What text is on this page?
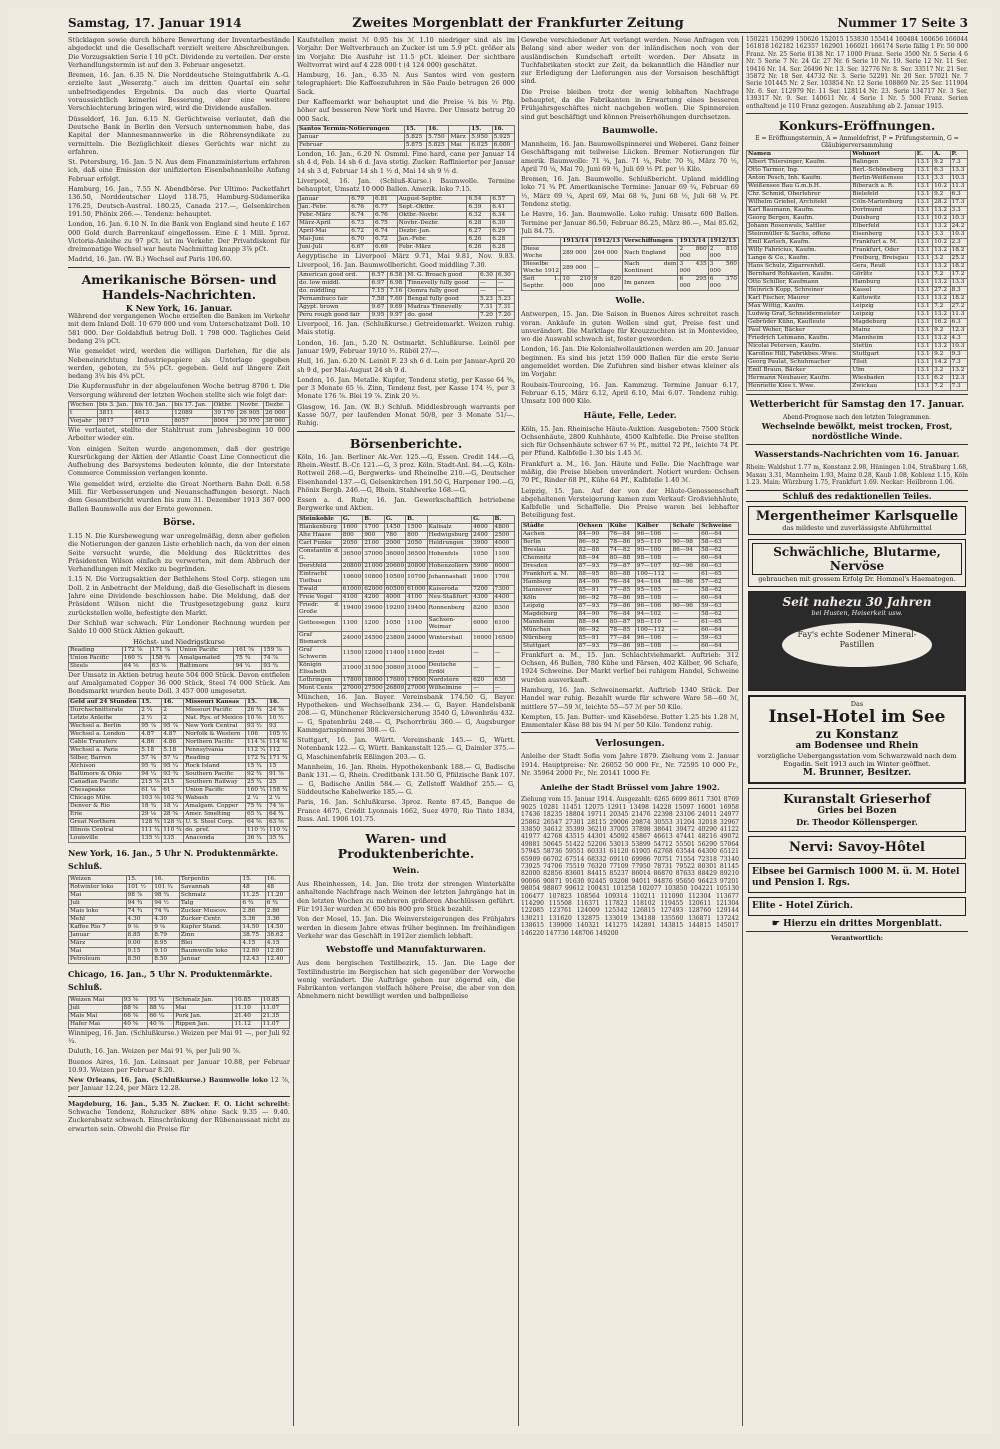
Samstag, 17. Januar 1914	Zweites Morgenblatt der Frankfurter Zeitung	Nummer 17 Seite 3

Stücklagen sowie durch höhere Bewertung der Inventarbestände abgedeckt und die Gesellschaft verzielt weitere Abschreibungen. Die Vorzugsaktien Serie I 10 pCt. Dividende zu verteilen. Der erste Verhandlungstermin ist auf den 3. Februar angesetzt.

Bremen, 16. Jan. 6.35 N. Die Norddeutsche Steingutfabrik A.-G. erzielte laut „Weserztg.“ auch im dritten Quartal ein sehr unbefriedigendes Ergebnis. Da auch das vierte Quartal voraussichtlich keinerlei Besserung, eher eine weitere Verschlechterung bringen wird, wird die Dividende ausfallen.

Düsseldorf, 16. Jan. 6.15 N. Gerüchtweise verlautet, daß die Deutsche Bank in Berlin den Versuch unternommen habe, das Kapital der Mannesmannwerke in die Röhrensyndikate zu vermitteln. Die Bezüglichkeit dieses Gerüchts war nicht zu erfahren.

St. Petersburg, 16. Jan. 5 N. Aus dem Finanzministerium erfahren ich, daß eine Emission der unifizierten Eisenbahnanleihe Anfang Februar erfolgt.

Hamburg, 16. Jan., 7.55 N. Abendbörse. Per Ultimo: Packetfahrt 136.50, Norddeutscher Lloyd 118.75, Hamburg-Südamerika 176.25, Deutsch-Austral. 180.25, Canada 217.—, Gelsenkirchen 191.50, Phönix 266.—. Tendenz: behauptet.

London, 16. Jan. 6.10 N. In die Bank von England sind heute £ 167 000 Gold durch Barrenkauf eingeflossen. Eine £ 1 Mill. 5proz. Victoria-Anleihe zu 97 pCt. ist im Verkehr. Der Privatdiskont für dreimonatige Wechsel war heute Nachmittag knapp 3⅞ pCt.

Madrid, 16. Jan. (W. B.) Wechsel auf Paris 106.60.

Amerikanische Börsen- und Handels-Nachrichten.
K New York, 16. Januar.

Während der vergangenen Woche erzielten die Banken im Verkehr mit dem Inland Doll. 10 679 000 und vom Unterschatzamt Doll. 10 581 000. Der Goldabfluß betrug Doll. 1 798 000. Tagliches Geld bedang 2¼ pCt.

Wie gemeldet wird, werden die willigen Darlehen, für die als Nebeneinrichtung Industriepapiere als Unterlage gegeben werden, geboten, zu 5¼ pCt. gegeben. Geld auf längere Zeit bedang 3¼ bis 4¼ pCt.

Die Kupferausfuhr in der abgelaufenen Woche betrug 8706 t. Die Versorgung während der letzten Wochen stellte sich wie folgt dar:

Wochen	bis 3. Jan.	bis 10. Jan.	bis 17. Jan.	Oktbr.	Novbr.	Dezbr.
t	3811	4613	12089	39 170	26 905	26 000
Vorjahr	9817	6710	8057	8004	30 970	38 060

Wie verlautet, stellte der Stahltrust zum Jahresbeginn 10 000 Arbeiter wieder ein.

Von einigen Seiten wurde angenommen, daß der gestrige Kursrückgang der Aktien der Atlantic Coast Line Connecticut die Aufhebung des Barsystems bedeuten könnte, die der Interstate Commerce Commission verlangen konnte.

Wie gemeldet wird, erzielte die Great Northern Bahn Doll. 6.58 Mill. für Verbesserungen und Neuanschaffungen besorgt. Nach dem Gesamtbericht wurden bis zum 31. Dezember 1913 367 000 Ballen Baumwolle aus der Ernte gewonnen.

Börse.

1.15 N. Die Kursbewegung war unregelmäßig, denn aber gefielen die Notierungen der ganzen Liste erheblich nach, da von der einen Seite versucht wurde, die Meldung des Rücktrittes des Präsidenten Wilson einfach zu verwerten, mit dem Abbruch der Verhandlungen mit Mexiko zu begründen.

1.15 N. Die Vorzugsaktien der Bethlehem Steel Corp. stiegen um Doll. 2 in Anbetracht der Meldung, daß die Gesellschaft in diesem Jahre eine Dividende beschlossen habe. Die Meldung, daß der Präsident Wilson nicht die Trustgesetzgebung ganz kurz zurückstellen wolle, befestigte den Markt.

Der Schluß war schwach. Für Londoner Rechnung wurden per Saldo 10 000 Stück Aktien gekauft.

Höchst- und Niedrigstkurse
Reading	172 ⅞	171 ⅞	Union Pacific	161 ⅝	159 ⅞
Union Pacific	160 ¼	158 ¾	Amalgamated	75 ¾	74 ⅞
Steels	64 ⅝	63 ⅝	Baltimore	94 ¼	93 ¾

Der Umsatz in Aktien betrug heute 504 000 Stück. Davon entfielen auf Amalgamated Copper 36 000 Stück, Steel 74 000 Stück. Am Bondsmarkt wurden heute Doll. 3 457 000 umgesetzt.

Geld auf 24 Stunden	15.	16.	Missouri Kansas	15.	16.
Durchschnittsrate	2 ¼	2	Missouri Pacific	26 ¾	24 ⅞
Letzte Anleihe	2 ½	2	Nat. Rys. of Mexico	10 ⅝	10 ½
Wechsel a. Berlin	95 ⅞	95 ⅞	New York Central	93 ½	93
Wechsel a. London	4.87	4.87	Norfolk & Western	106	105 ½
Cable Transfers	4.86	4.86	Northern Pacific	114 ⅞	114 ⅜
Wechsel a. Paris	5.18	5.18	Pennsylvania	112 ¼	112
Silber, Barren	57 ⅜	57 ¼	Reading	172 ¾	171 ¾
Atchison	95 ¾	95 ¼	Rock Island	15 ¼	15
Baltimore & Ohio	94 ¼	93 ¾	Southern Pacific	92 ¾	91 ⅞
Canadian Pacific	215 ⅞	215	Southern Railway	25 ¼	25
Chesapeake	61 ⅛	61	Union Pacific	160 ¼	158 ¾
Chicago Milw.	103 ⅜	102 ¾	Wabash	2 ¼	2 ¼
Denver & Rio	18 ¾	18 ¼	Amalgam. Copper	75 ¾	74 ⅞
Erie	29 ⅛	28 ⅝	Amer. Smelting	65 ¼	64 ¾
Great Northern	128 ¾	128 ¼	U. S. Steel Corp.	64 ⅝	63 ⅝
Illinois Central	111 ¼	110 ¾	do. pref.	110 ½	110 ¼
Louisville	135 ½	135	Anaconda	36 ¼	35 ¾
New York, 16. Jan., 5 Uhr N. Produktenmärkte. Schluß.
Weizen	15.	16.	Terpentin	15.	16.
Rotwinter loko	101 ½	101 ¼	Savannah	48	48
Mai	98 ⅞	98 ¾	Schmalz	11.25	11.20
Juli	94 ¾	94 ½	Talg	6 ¾	6 ¾
Mais loko	74 ¾	74 ¾	Zucker Muscov.	2.86	2.86
Mehl	4.30	4.30	Zucker Centr.	3.36	3.36
Kaffee Rio 7	9 ⅛	9 ⅛	Kupfer Stand.	14.50	14.50
Januar	8.85	8.79	Zinn	38.75	38.62
März	9.00	8.95	Blei	4.15	4.15
Mai	9.15	9.10	Baumwolle loko	12.80	12.80
Petroleum	8.50	8.50	Januar	12.43	12.40
Chicago, 16. Jan., 5 Uhr N. Produktenmärkte. Schluß.
Weizen Mai	93 ⅝	93 ¼	Schmalz Jan.	10.85	10.85
Juli	88 ⅝	88 ¼	Mai	11.10	11.07
Mais Mai	66 ⅝	66 ¼	Pork Jan.	21.40	21.35
Hafer Mai	40 ⅝	40 ⅝	Rippen Jan.	11.12	11.07

Winnipeg, 16. Jan. (Schlußkurse.) Weizen per Mai 91 —, per Juli 92 ¼.

Duluth, 16. Jan. Weizen per Mai 91 ⅝, per Juli 90 ⅞.

Buenos Aires, 16. Jan. Leinsaat per Januar 10.88, per Februar 10.93. Weizen per Februar 8.20.

New Orleans, 16. Jan. (Schlußkurse.) Baumwolle loko 12 ⅞, per Januar 12.24, per März 12.28.

Magdeburg, 16. Jan., 5.35 N. Zucker. F. O. Licht schreibt: Schwache Tendenz, Rohzucker 88% ohne Sack 9.35 — 9.40. Zuckerabsatz schwach. Einschränkung der Rübenaussaat nicht zu erwarten sein. Obwohl die Preise für

Kaufstellen meist ℳ 0.95 bis ℳ 1.10 niedriger sind als im Vorjahr. Der Weltverbrauch an Zucker ist um 5.9 pCt. größer als im Vorjahr. Die Ausfuhr ist 11.5 pCt. kleiner. Der sichtbare Weltvorrat wird auf 4 228 000 t (4 124 000) geschätzt.

Hamburg, 16. Jan., 6.35 N. Aus Santos wird von gestern telegraphiert: Die Kaffeezufuhren in São Paulo betrugen 26 000 Sack.

Der Kaffeemarkt war behauptet und die Preise ¼ bis ½ Pfg. höher auf besseren New York und Havre. Der Umsatz betrug 20 000 Sack.

Santos Termin-Notierungen	15.	16.		15.	16.
Januar	5.825	5.750	März	5.950	5.925
Februar	5.875	5.825	Mai	6.025	6.000

London, 16. Jan., 6.20 N. Osmml. Fine hard, cane per Januar 14 sh 4 d, Feb. 14 sh 6 d. Java stetig. Zucker. Raffinierter per Januar 14 sh 3 d, Februar 14 sh 1 ½ d, Mai 14 sh 9 ½ d.

Liverpool, 16. Jan. (Schluß-Kurse.) Baumwolle. Termine behauptet, Umsatz 10 000 Ballen. Amerik. loko 7.15.

Januar	6.79	6.81	August-Septbr.	6.54	6.57
Jan.-Febr.	6.76	6.77	Sept.-Oktbr.	6.39	6.41
Febr.-März	6.74	6.76	Oktbr.-Novbr.	6.32	6.34
März-April	6.73	6.75	Novbr.-Dezbr.	6.28	6.30
April-Mai	6.72	6.74	Dezbr.-Jan.	6.27	6.29
Mai-Juni	6.70	6.72	Jan.-Febr.	6.26	6.28
Juni-Juli	6.67	6.69	Febr.-März	6.26	6.28

Aegyptische in Liverpool März 9.71, Mai 9.81, Nov. 9.83. Liverpool, 16. Jan. Baumwollbericht. Good middling 7.30.

American good ord.	6.57	6.58	M. G. Broach good	6.30	6.30
do. low middl.	6.97	6.98	Tinnevelly fully good	—	—
do. middling	7.15	7.16	Oomra fully good	—	—
Pernambuco fair	7.58	7.60	Bengal fully good	5.23	5.23
Ägypt. brown	9.67	9.69	Madras Tinnevelly	7.31	7.31
Peru rough good fair	9.95	9.97	do. good	7.20	7.20

Liverpool, 16. Jan. (Schlußkurse.) Getreidemarkt. Weizen ruhig. Mais stetig.

London, 16. Jan., 5.20 N. Ostmarkt. Schlußkurse. Leinöl per Januar 19/9, Februar 19/10 ½. Rüböl 27/—.

Hull, 16. Jan. 6.20 N. Leinöl F. 23 sh 6 d. Lein per Januar-April 20 sh 9 d, per Mai-August 24 sh 9 d.

London, 16. Jan. Metalle. Kupfer, Tendenz stetig, per Kasse 64 ⅝, per 3 Monate 65 ⅛. Zinn, Tendenz fest, per Kasse 174 ½, per 3 Monate 176 ⅞. Blei 19 ⅞. Zink 20 ½.

Glasgow, 16. Jan. (W. B.) Schluß. Middlesbrough warrants per Kasse 50/7, per laufenden Monat 50/8, per 3 Monate 51/—. Ruhig.

Börsenberichte.

Köln, 16. Jan. Berliner Ak.-Ver. 125.—G, Essen. Credit 144.—G, Rhein.-Westf. B.-Cr. 121.—G, 3 proz. Köln. Stadt-Anl. 84.—G, Köln-Rottweil 268.—G, Bergwerks- und Rheinelbe 210.—G, Deutscher Eisenhandel 137.—G, Gelsenkirchen 191.50 G, Harpener 190.—G, Phönix Bergb. 246.—G, Rhein. Stahlwerke 168.—G.

Essen a. d. Ruhr, 16. Jan. Gewerkschaftlich betriebene Bergwerke und Aktien.

Steinkohle	G.	B.	G.	B.		G.	B.
Blankenburg	1600	1700	1450	1500	Kalisalz	4600	4800
Alte Haase	800	900	780	800	Hedwigsburg	2400	2500
Carl Funke	2050	2100	2000	2050	Heldrungen	3900	4000
Constantin d. G.	36500	37000	36000	36500	Hohenfels	1050	1100
Dorstfeld	20800	21000	20600	20800	Hohenzollern	5900	6000
Eintracht Tiefbau	10600	10800	10500	10700	Johannashall	1600	1700
Ewald	61000	62000	60500	61000	Kaiseroda	7200	7300
Freie Vogel	4100	4200	4000	4100	Neu-Staßfurt	4300	4400
Friedr. d. Große	19400	19600	19200	19400	Ronnenberg	8200	8300
Gottessegen	1100	1200	1050	1100	Sachsen-Weimar	6000	6100
Graf Bismarck	24000	24500	23800	24000	Wintershall	16000	16500
Graf Schwerin	11500	12000	11400	11600	Erdöl	—	—
Königin Elisabeth	31000	31500	30800	31000	Deutsche Erdöl	—	—
Lothringen	17800	18000	17600	17800	Nordstern	620	630
Mont Cenis	27000	27500	26800	27000	Wilhelmine	—	—

München, 16. Jan. Bayer. Vereinsbank 174.50 G, Bayer. Hypotheken- und Wechselbank 234.— G, Bayer. Handelsbank 208.— G, Münchener Rückversicherung 3540 G, Löwenbräu 432.— G, Spatenbräu 248.— G, Pschorrbräu 360.— G, Augsburger Kammgarnspinnerei 308.— G.

Stuttgart, 16. Jan. Württ. Vereinsbank 145.— G, Württ. Notenbank 122.— G, Württ. Bankanstalt 125.— G, Daimler 375.— G, Maschinenfabrik Eßlingen 203.— G.

Mannheim, 16. Jan. Rhein. Hypothekenbank 188.— G, Badische Bank 131.— G, Rhein. Creditbank 131.50 G, Pfälzische Bank 107.— G, Badische Anilin 584.— G, Zellstoff Waldhof 255.— G, Süddeutsche Kabelwerke 185.— G.

Paris, 16. Jan. Schlußkurse. 3proz. Rente 87.45, Banque de France 4675, Crédit Lyonnais 1662, Suez 4970, Rio Tinto 1834, Russ. Anl. 1906 101.75.

Waren- und Produktenberichte.
Wein.

Aus Rheinhessen, 14. Jan. Die trotz der strengen Winterkälte anhaltende Nachfrage nach Weinen der letzten Jahrgänge hat in den letzten Wochen zu mehreren größeren Abschlüssen geführt. Für 1913er wurden ℳ 650 bis 800 pro Stück bezahlt.

Von der Mosel, 15. Jan. Die Weinversteigerungen des Frühjahrs werden in diesem Jahre etwas früher beginnen. Im freihändigen Verkehr war das Geschäft in 1912er ziemlich lebhaft.

Webstoffe und Manufakturwaren.

Aus dem bergischen Textilbezirk, 15. Jan. Die Lage der Textilindustrie im Bergischen hat sich gegenüber der Vorwoche wenig verändert. Die Aufträge gehen nur zögernd ein, die Fabrikanten verlangen vielfach höhere Preise, die aber von den Abnehmern nicht bewilligt werden und balbpnlleise

Gewebe verschiedener Art verlangt werden. Neue Anfragen von Belang sind aber weder von der inländischen noch von der ausländischen Kundschaft erteilt worden. Der Absatz in Tuchfabrikaten stockt zur Zeit, da bekanntlich die Händler nur zur Erledigung der Lieferungen aus der Vorsaison beschäftigt sind.

Die Preise bleiben trotz der wenig lebhaften Nachfrage behauptet, da die Fabrikanten in Erwartung eines besseren Frühjahrsgeschäftes nicht nachgeben wollen. Die Spinnereien sind gut beschäftigt und können Preiserhöhungen durchsetzen.

Baumwolle.

Mannheim, 16. Jan. Baumwollspinnerei und Weberei. Ganz feiner Geschäftsgang mit teilweise Lücken. Bremer Notierungen für amerik. Baumwolle: 71 ¾, Jan. 71 ¼, Febr. 70 ¾, März 70 ½, April 70 ¼, Mai 70, Juni 69 ¾, Juli 69 ½ Pf. per ½ Kilo.

Bremen, 16. Jan. Baumwolle. Schlußbericht. Upland middling loko 71 ¾ Pf. Amerikanische Termine: Januar 69 ¾, Februar 69 ½, März 69 ¼, April 69, Mai 68 ¾, Juni 68 ½, Juli 68 ¼ Pf. Tendenz stetig.

Le Havre, 16. Jan. Baumwolle. Loko ruhig. Umsatz 600 Ballen. Termine per Januar 86.50, Februar 86.25, März 86.—, Mai 85.62, Juli 84.75.

	1913/14	1912/13	Verschiffungen	1913/14	1912/13
Diese Woche	289 000	264 000	Nach England	2 860 000	2 810 000
Dieselbe Woche 1912	289 000	—	Nach dem Kontinent	3 435 000	3 560 000
Seit 1. Septbr.	10 210 000	9 820 000	Im ganzen	6 295 000	6 370 000
Wolle.

Antwerpen, 15. Jan. Die Saison in Buenos Aires schreitet rasch voran. Ankäufe in guten Wollen sind gut, Preise fest und unverändert. Die Marktlage für Kreuzzuchten ist in Montevideo, wo die Auswahl schwach ist, fester geworden.

London, 16. Jan. Die Kolonialwollauktionen werden am 20. Januar beginnen. Es sind bis jetzt 159 000 Ballen für die erste Serie angemeldet worden. Die Zufuhren sind bisher etwas kleiner als im Vorjahr.

Roubaix-Tourcoing, 16. Jan. Kammzug. Termine Januar 6.17, Februar 6.15, März 6.12, April 6.10, Mai 6.07. Tendenz ruhig. Umsatz 100 000 Kilo.

Häute, Felle, Leder.

Köln, 15. Jan. Rheinische Häute-Auktion. Ausgeboten: 7500 Stück Ochsenhäute, 2800 Kuhhäute, 4500 Kalbfelle. Die Preise stellten sich für Ochsenhäute schwer 67 ½ Pf., mittel 72 Pf., leichte 74 Pf. per Pfund. Kalbfelle 1.30 bis 1.45 ℳ.

Frankfurt a. M., 16. Jan. Häute und Felle. Die Nachfrage war mäßig, die Preise blieben unverändert. Notiert wurden: Ochsen 70 Pf., Rinder 68 Pf., Kühe 64 Pf., Kalbfelle 1.40 ℳ.

Leipzig, 15. Jan. Auf der von der Häute-Genossenschaft abgehaltenen Versteigerung kamen zum Verkauf: Großviehhäute, Kalbfelle und Schaffelle. Die Preise waren bei lebhafter Beteiligung fest.

Städte	Ochsen	Kühe	Kälber	Schafe	Schweine
Aachen	84—90	76—84	96—106	—	60—64
Berlin	86—92	78—86	95—110	90—98	58—63
Breslau	82—88	74—82	90—100	86—94	58—62
Chemnitz	88—94	80—88	98—108	—	60—64
Dresden	87—93	79—87	97—107	92—96	60—63
Frankfurt a. M.	88—95	80—88	100—112	—	61—65
Hamburg	84—90	76—84	94—104	88—96	57—62
Hannover	85—91	77—85	95—105	—	58—62
Köln	86—92	78—86	98—108	—	60—64
Leipzig	87—93	79—86	96—106	90—96	59—63
Magdeburg	84—90	76—84	94—102	—	58—62
Mannheim	88—94	80—87	98—110	—	61—65
München	86—92	78—85	100—112	—	60—64
Nürnberg	85—91	77—84	96—106	—	59—63
Stuttgart	87—93	79—86	98—108	—	60—64

Frankfurt a. M., 15. Jan. Schlachtviehmarkt. Auftrieb: 312 Ochsen, 46 Bullen, 780 Kühe und Färsen, 402 Kälber, 96 Schafe, 1924 Schweine. Der Markt verlief bei ruhigem Handel, Schweine wurden ausverkauft.

Hamburg, 16. Jan. Schweinemarkt. Auftrieb 1340 Stück. Der Handel war ruhig. Bezahlt wurde für schwere Ware 58—60 ℳ, mittlere 57—59 ℳ, leichte 55—57 ℳ per 50 Kilo.

Kempten, 15. Jan. Butter- und Käsebörse. Butter 1.25 bis 1.28 ℳ, Emmentaler Käse 88 bis 94 ℳ per 50 Kilo. Tendenz ruhig.

Verlosungen.

Anleihe der Stadt Sofia vom Jahre 1879. Ziehung vom 2. Januar 1914. Hauptpreise: Nr. 26052 50 000 Fr., Nr. 72595 10 000 Fr., Nr. 35964 2000 Fr., Nr. 20141 1000 Fr.

Anleihe der Stadt Brüssel vom Jahre 1902.

Ziehung vom 15. Januar 1914. Ausgezahlt: 6265 6699 8611 7301 8769 9025 10281 11451 12075 12911 13498 14228 15097 16001 16958 17436 18235 18804 19711 20345 21476 22398 23106 24011 24977 25862 26547 27301 28115 29006 29874 30553 31204 32018 32967 33850 34612 35399 36210 37005 37898 38641 39472 40290 41122 41977 42768 43515 44301 45092 45867 46613 47441 48216 49072 49881 50645 51422 52206 53013 53899 54712 55501 56290 57064 57945 58736 59551 60331 61120 61905 62768 63544 64300 65121 65909 66702 67514 68332 69110 69986 70751 71554 72318 73140 73925 74706 75519 76320 77109 77950 78731 79522 80301 81145 82000 82856 83601 84415 85237 86014 86870 87633 88429 89210 90066 90871 91630 92445 93208 94011 94876 95650 96423 97201 98054 98867 99612 100431 101258 102077 103850 104221 105130 106477 107823 108564 109314 110211 111090 112304 113677 114290 115508 116371 117823 118102 119455 120611 121304 122085 123761 124009 125342 126815 127493 128760 129144 130211 131620 132875 133019 134188 135560 136871 137242 138615 139900 140321 141275 142891 143815 144815 145017 146220 147736 148706 149200

150221 150299 150626 152015 153830 155414 160484 160656 166044 161818 162182 162357 162901 166021 166174 Serie fällig 1 Fr. 50 000 Franz. Nr. 25 Serie 8138 Nr. 17 1000 Franz. Serie 3500 Nr. 5 Serie 4 6 Nr. 5 Serie 7 Nr. 24 Gr. 27 Nr. 6 Serie 10 Nr. 19. Serie 12 Nr. 11 Ser. 19416 Nr. 14. Ser. 26496 Nr. 13. Ser. 32776 Nr. 8. Ser. 33517 Nr. 21 Ser. 35872 Nr. 18 Ser. 44732 Nr. 3. Serie 52291 Nr. 20 Ser. 57021 Nr. 7 Serie 101445 Nr. 2 Ser. 103854 Nr. 12 Serie 108869 Nr. 25 Ser. 111904 Nr. 6. Ser. 112979 Nr. 11 Ser. 128114 Nr. 23. Serie 134717 Nr. 3 Ser. 139317 Nr. 9. Ser. 140611 Nr. 4 Serie 1 Nr. 5 500 Franz. Serien enthaltend je 110 Franz gezogen. Auszahlung ab 2. Januar 1915.

Konkurs-Eröffnungen.
E = Eröffnungstermin, A = Anmeldefrist, P = Prüfungstermin, G = Gläubigerversammlung
Namen	Wohnort	E.	A.	P.
Albert Thiersinger, Kaufm.	Balingen	13.1	9.2	7.3
Otto Tarmor, Ing.	Berl.-Schöneberg	13.1	6.3	13.3
Anton Pesch, Inh. Kaufm.	Berlin-Weißensee	13.1	3.3	10.3
Weißensee Bau G.m.b.H.	Biberach a. R.	13.1	10.2	11.3
Chr. Schmid, Oberlehrer	Bielefeld	13.1	9.2	6.3
Wilhelm Griebel, Architekt	Cöln-Marienburg	13.1	28.2	17.3
Karl Baumann, Kaufm.	Dortmund	13.1	13.2	3.3
Georg Bergen, Kaufm.	Duisburg	13.1	10.2	10.3
Johann Rosenwuls, Sattler	Elberfeld	13.1	13.2	24.2
Steinmüller & Sachs, offene	Eisenberg	13.1	3.3	10.3
Emil Karlsch, Kaufm.	Frankfurt a. M.	13.1	10.2	2.3
Willy Fabricius, Kaufm.	Frankfurt, Oder	13.1	13.2	18.2
Lange & Co., Kaufm.	Freiburg, Breisgau	13.1	3.2	25.2
Hans Schulz, Zigarrenhdl.	Gera, Reuß	13.1	13.2	18.2
Bernhard Rohkasten, Kaufm.	Görlitz	13.1	7.2	17.2
Otto Schiller, Kaufmann	Hamburg	13.1	13.2	13.3
Heinrich Kopp, Schreiner	Kassel	13.1	27.2	8.3
Karl Fischer, Maurer	Kattowitz	13.1	13.2	18.2
Max Wittig, Kaufm.	Leipzig	13.1	7.2	27.2
Ludwig Graf, Schneidermeister	Leipzig	13.1	13.2	11.3
Gebrüder Kühn, Kaufleute	Magdeburg	13.1	16.2	6.3
Paul Weber, Bäcker	Mainz	13.1	9.2	12.3
Friedrich Lehmann, Kaufm.	Mannheim	13.1	13.2	4.3
Nicolai Petersen, Kaufm.	Stettin	13.1	13.2	10.3
Karoline Hill, Fabrikbes.-Wwe.	Stuttgart	13.1	9.2	9.3
Georg Paulat, Schuhmacher	Tilsit	13.1	14.2	7.3
Emil Braun, Bäcker	Ulm	13.1	3.2	13.2
Hermann Neubauer, Kaufm.	Wiesbaden	13.1	6.2	12.3
Henriette Kiee t. Wwe.	Zwickau	13.1	7.2	7.3
Wetterbericht für Samstag den 17. Januar.
Abend-Prognose nach den letzten Telegrammen.

Wechselnde bewölkt, meist trocken, Frost, nordöstliche Winde.

Wasserstands-Nachrichten vom 16. Januar.

Rhein: Waldshut 1.77 m, Konstanz 2.98, Hüningen 1.04, Straßburg 1.68, Maxau 3.31, Mannheim 1.93, Mainz 0.28, Kaub 1.08, Koblenz 1.15, Köln 1.23. Main: Würzburg 1.75, Frankfurt 1.69. Neckar: Heilbronn 1.06.

Schluß des redaktionellen Teiles.
Mergentheimer Karlsquelle
das mildeste und zuverlässigste Abführmittel
Schwächliche, Blutarme, Nervöse
gebrauchen mit grossem Erfolg Dr. Hommel's Haematogen.
Seit nahezu 30 Jahren
bei Husten, Heiserkeit usw.
Fay's echte Sodener Mineral-Pastillen
Das
Insel-Hotel im See
zu Konstanz
am Bodensee und Rhein
vorzügliche Uebergangsstation vom Schwarzwald nach dem Engadin. Seit 1913 auch im Winter geöffnet.
M. Brunner, Besitzer.
Kuranstalt Grieserhof
Gries bei Bozen
Dr. Theodor Köllensperger.
Nervi: Savoy-Hôtel
Eibsee bei Garmisch 1000 M. ü. M. Hotel und Pension I. Rgs.
Elite - Hotel Zürich.
☛ Hierzu ein drittes Morgenblatt.
Verantwortlich:
